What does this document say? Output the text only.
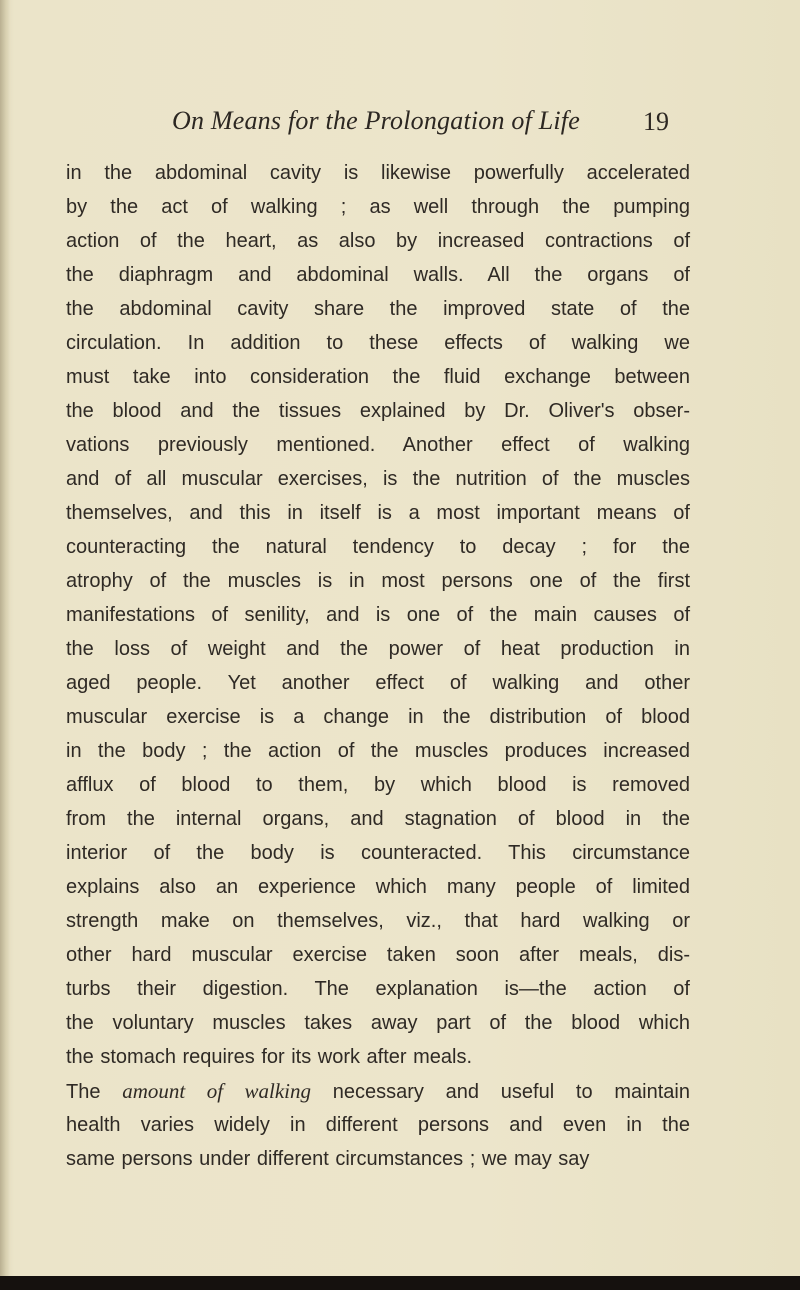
On Means for the Prolongation of Life 19
in the abdominal cavity is likewise powerfully accelerated
by the act of walking ; as well through the pumping
action of the heart, as also by increased contractions of
the diaphragm and abdominal walls. All the organs of
the abdominal cavity share the improved state of the
circulation. In addition to these effects of walking we
must take into consideration the fluid exchange between
the blood and the tissues explained by Dr. Oliver's obser-
vations previously mentioned. Another effect of walking
and of all muscular exercises, is the nutrition of the muscles
themselves, and this in itself is a most important means of
counteracting the natural tendency to decay ; for the
atrophy of the muscles is in most persons one of the first
manifestations of senility, and is one of the main causes of
the loss of weight and the power of heat production in
aged people. Yet another effect of walking and other
muscular exercise is a change in the distribution of blood
in the body ; the action of the muscles produces increased
afflux of blood to them, by which blood is removed
from the internal organs, and stagnation of blood in the
interior of the body is counteracted. This circumstance
explains also an experience which many people of limited
strength make on themselves, viz., that hard walking or
other hard muscular exercise taken soon after meals, dis-
turbs their digestion. The explanation is—the action of
the voluntary muscles takes away part of the blood which
the stomach requires for its work after meals.
The amount of walking necessary and useful to maintain
health varies widely in different persons and even in the
same persons under different circumstances ; we may say
